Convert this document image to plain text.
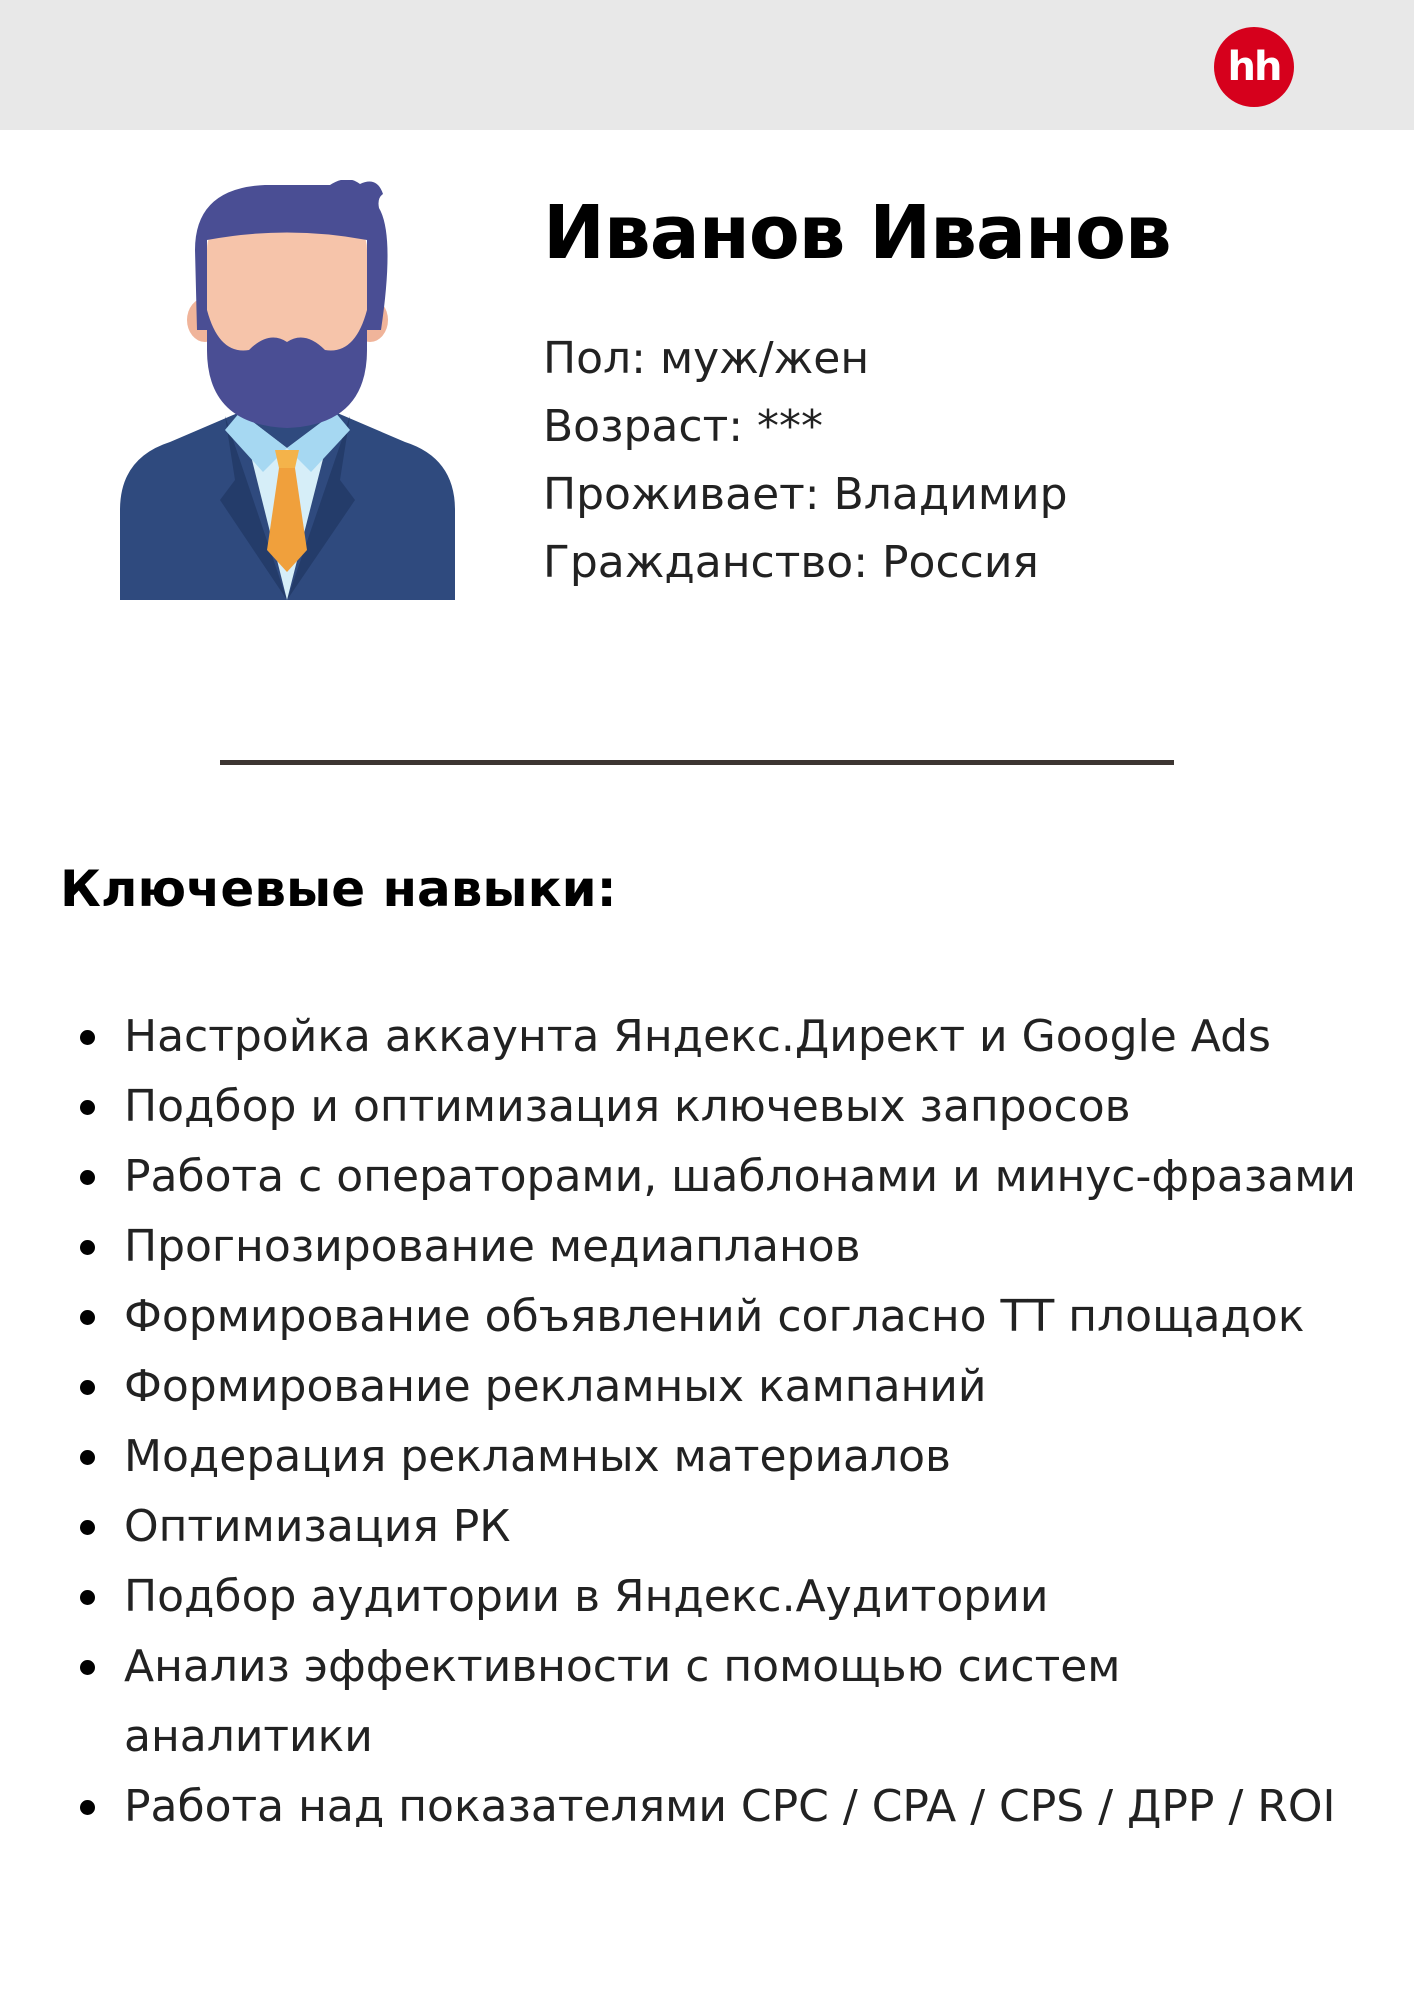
hh
Иванов Иванов
Пол: муж/жен
Возраст: ***
Проживает: Владимир
Гражданство: Россия
Ключевые навыки:
Настройка аккаунта Яндекс.Директ и Google Ads
Подбор и оптимизация ключевых запросов
Работа с операторами, шаблонами и минус-фразами
Прогнозирование медиапланов
Формирование объявлений согласно ТТ площадок
Формирование рекламных кампаний
Модерация рекламных материалов
Оптимизация РК
Подбор аудитории в Яндекс.Аудитории
Анализ эффективности с помощью систем аналитики
Работа над показателями CPC / CPA / CPS / ДРР / ROI
